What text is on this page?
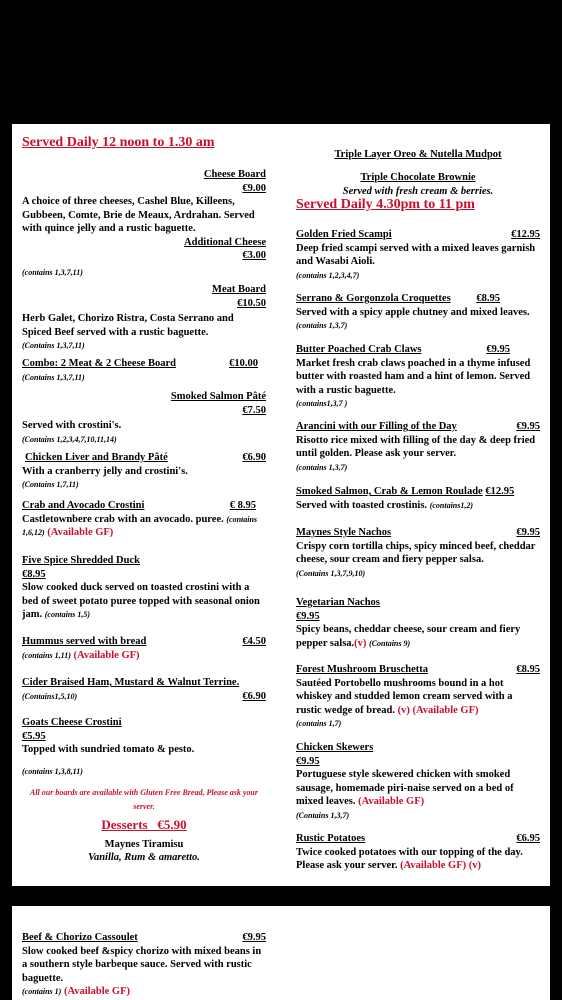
Served Daily 12 noon to 1.30 am
Cheese Board
€9.00
A choice of three cheeses, Cashel Blue, Killeens, Gubbeen, Comte, Brie de Meaux, Ardrahan. Served with quince jelly and a rustic baguette.
Additional Cheese
€3.00
(contains 1,3,7,11)
Meat Board
€10.50
Herb Galet, Chorizo Ristra, Costa Serrano and Spiced Beef served with a rustic baguette.
(Contains 1,3,7,11)
Combo: 2 Meat & 2 Cheese Board	€10.00
(Contains 1,3,7,11)
Smoked Salmon Pâté
€7.50
Served with crostini's.
(Contains 1,2,3,4,7,10,11,14)
Chicken Liver and Brandy Pâté	€6.90
With a cranberry jelly and crostini's.
(Contains 1,7,11)
Crab and Avocado Crostini	€ 8.95
Castletownbere crab with an avocado. puree. (contains 1,6,12) (Available GF)
Five Spice Shredded Duck
€8.95
Slow cooked duck served on toasted crostini with a bed of sweet potato puree topped with seasonal onion jam. (contains 1,5)
Hummus served with bread	€4.50
(contains 1,11) (Available GF)
Cider Braised Ham, Mustard & Walnut Terrine.
(Contains1,5,10)	€6.90
Goats Cheese Crostini
€5.95
Topped with sundried tomato & pesto.
(contains 1,3,8,11)
All our boards are available with Gluten Free Bread, Please ask your server.
Desserts €5.90
Maynes Tiramisu
Vanilla, Rum & amaretto.
Triple Layer Oreo & Nutella Mudpot
Triple Chocolate Brownie
Served with fresh cream & berries.
Served Daily 4.30pm to 11 pm
Golden Fried Scampi	€12.95
Deep fried scampi served with a mixed leaves garnish and Wasabi Aioli.
(contains 1,2,3,4,7)
Serrano & Gorgonzola Croquettes €8.95
Served with a spicy apple chutney and mixed leaves.
(contains 1,3,7)
Butter Poached Crab Claws	€9.95
Market fresh crab claws poached in a thyme infused butter with roasted ham and a hint of lemon. Served with a rustic baguette.
(contains1,3,7 )
Arancini with our Filling of the Day	€9.95
Risotto rice mixed with filling of the day & deep fried until golden. Please ask your server.
(contains 1,3,7)
Smoked Salmon, Crab & Lemon Roulade €12.95
Served with toasted crostinis. (contains1,2)
Maynes Style Nachos	€9.95
Crispy corn tortilla chips, spicy minced beef, cheddar cheese, sour cream and fiery pepper salsa.
(Contains 1,3,7,9,10)
Vegetarian Nachos
€9.95
Spicy beans, cheddar cheese, sour cream and fiery pepper salsa.(v) (Contains 9)
Forest Mushroom Bruschetta	€8.95
Sautéed Portobello mushrooms bound in a hot whiskey and studded lemon cream served with a rustic wedge of bread. (v) (Available GF)
(contains 1,7)
Chicken Skewers
€9.95
Portuguese style skewered chicken with smoked sausage, homemade piri-naise served on a bed of mixed leaves. (Available GF)
(Contains 1,3,7)
Rustic Potatoes	€6.95
Twice cooked potatoes with our topping of the day. Please ask your server. (Available GF) (v)
Beef & Chorizo Cassoulet	€9.95
Slow cooked beef &spicy chorizo with mixed beans in a southern style barbeque sauce. Served with rustic baguette.
(contains 1) (Available GF)
